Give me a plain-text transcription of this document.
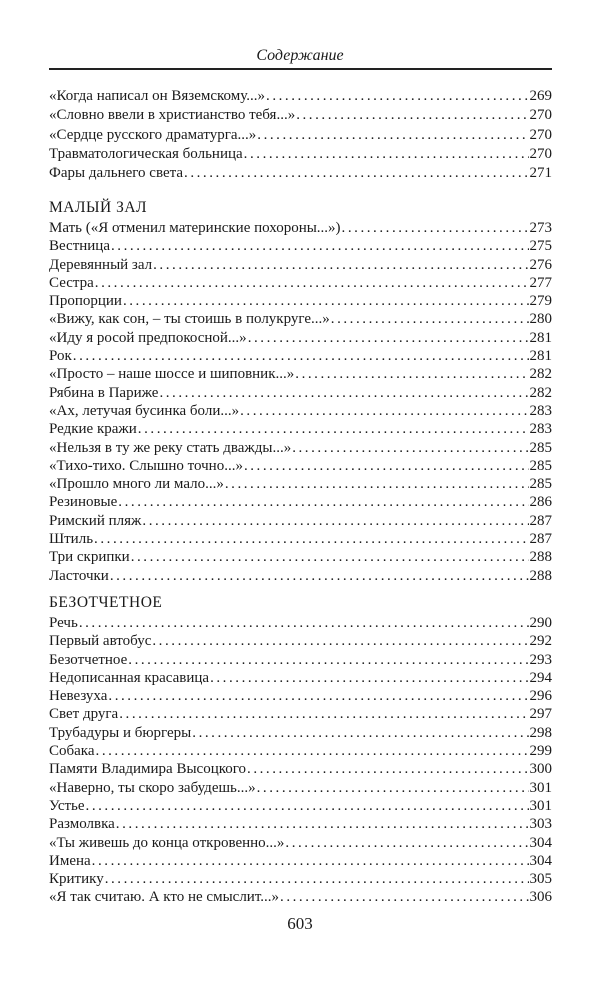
Содержание
«Когда написал он Вяземскому...» . . .	269
«Словно ввели в христианство тебя...» . . .	270
«Сердце русского драматурга...» . . .	270
Травматологическая больница . . .	270
Фары дальнего света . . .	271
МАЛЫЙ ЗАЛ
Мать («Я отменил материнские похороны...») . . .	273
Вестница . . .	275
Деревянный зал . . .	276
Сестра . . .	277
Пропорции . . .	279
«Вижу, как сон, – ты стоишь в полукруге...» . . .	280
«Иду я росой предпокосной...» . . .	281
Рок . . .	281
«Просто – наше шоссе и шиповник...» . . .	282
Рябина в Париже . . .	282
«Ах, летучая бусинка боли...» . . .	283
Редкие кражи . . .	283
«Нельзя в ту же реку стать дважды...» . . .	285
«Тихо-тихо. Слышно точно...» . . .	285
«Прошло много ли мало...» . . .	285
Резиновые . . .	286
Римский пляж . . .	287
Штиль . . .	287
Три скрипки . . .	288
Ласточки . . .	288
БЕЗОТЧЕТНОЕ
Речь . . .	290
Первый автобус . . .	292
Безотчетное . . .	293
Недописанная красавица . . .	294
Невезуха . . .	296
Свет друга . . .	297
Трубадуры и бюргеры . . .	298
Собака . . .	299
Памяти Владимира Высоцкого . . .	300
«Наверно, ты скоро забудешь...» . . .	301
Устье . . .	301
Размолвка . . .	303
«Ты живешь до конца откровенно...» . . .	304
Имена . . .	304
Критику . . .	305
«Я так считаю. А кто не смыслит...» . . .	306
603
